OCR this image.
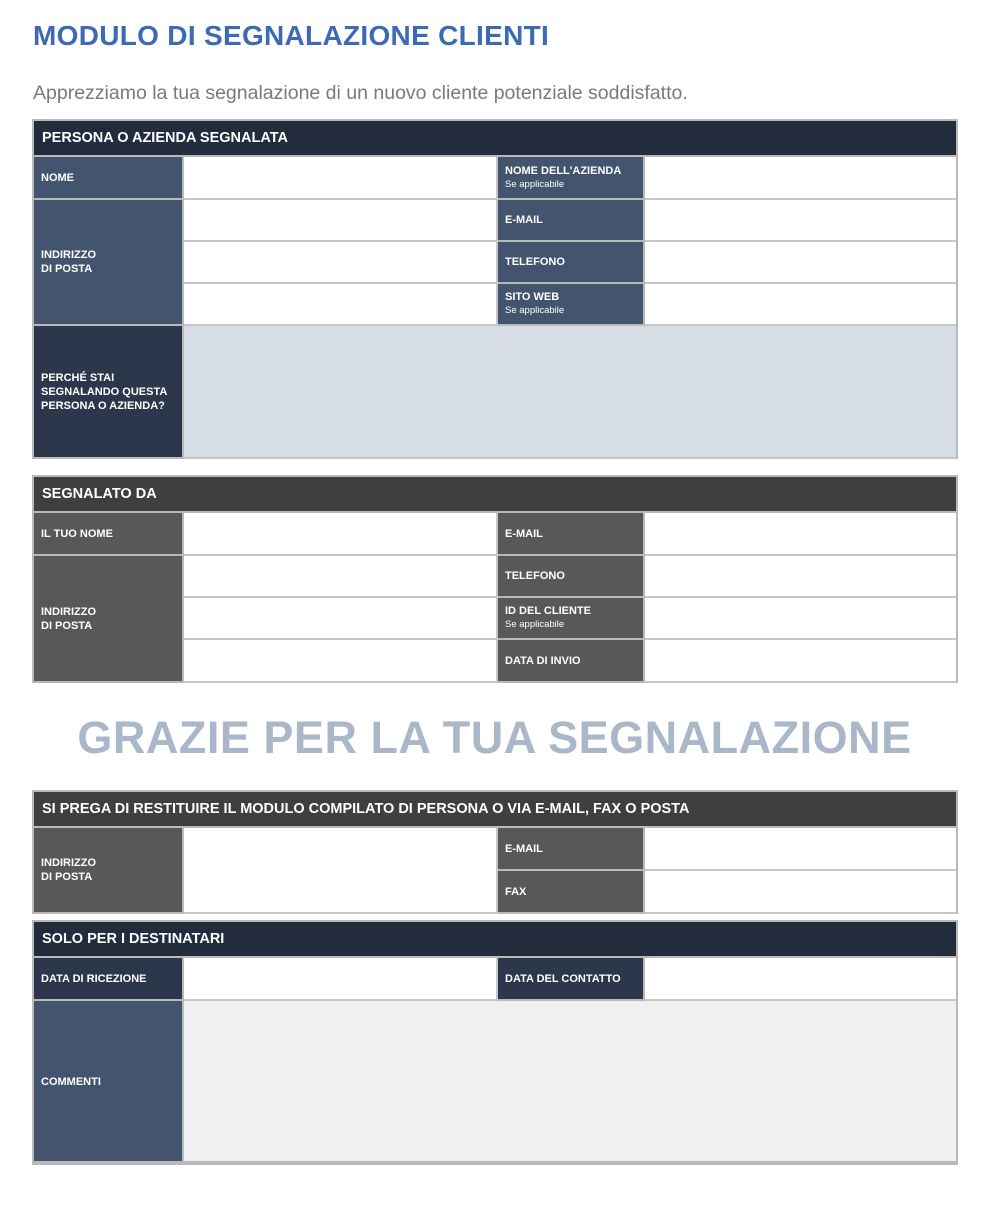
MODULO DI SEGNALAZIONE CLIENTI
Apprezziamo la tua segnalazione di un nuovo cliente potenziale soddisfatto.
PERSONA O AZIENDA SEGNALATA
NOME
NOME DELL'AZIENDA
Se applicabile
INDIRIZZO
DI POSTA
E-MAIL
TELEFONO
SITO WEB
Se applicabile
PERCHÉ STAI
SEGNALANDO QUESTA
PERSONA O AZIENDA?
SEGNALATO DA
IL TUO NOME	E-MAIL
INDIRIZZO
DI POSTA
TELEFONO
ID DEL CLIENTE
Se applicabile
DATA DI INVIO
GRAZIE PER LA TUA SEGNALAZIONE
SI PREGA DI RESTITUIRE IL MODULO COMPILATO DI PERSONA O VIA E-MAIL, FAX O POSTA
INDIRIZZO
DI POSTA
E-MAIL
FAX
SOLO PER I DESTINATARI
DATA DI RICEZIONE	DATA DEL CONTATTO
COMMENTI
